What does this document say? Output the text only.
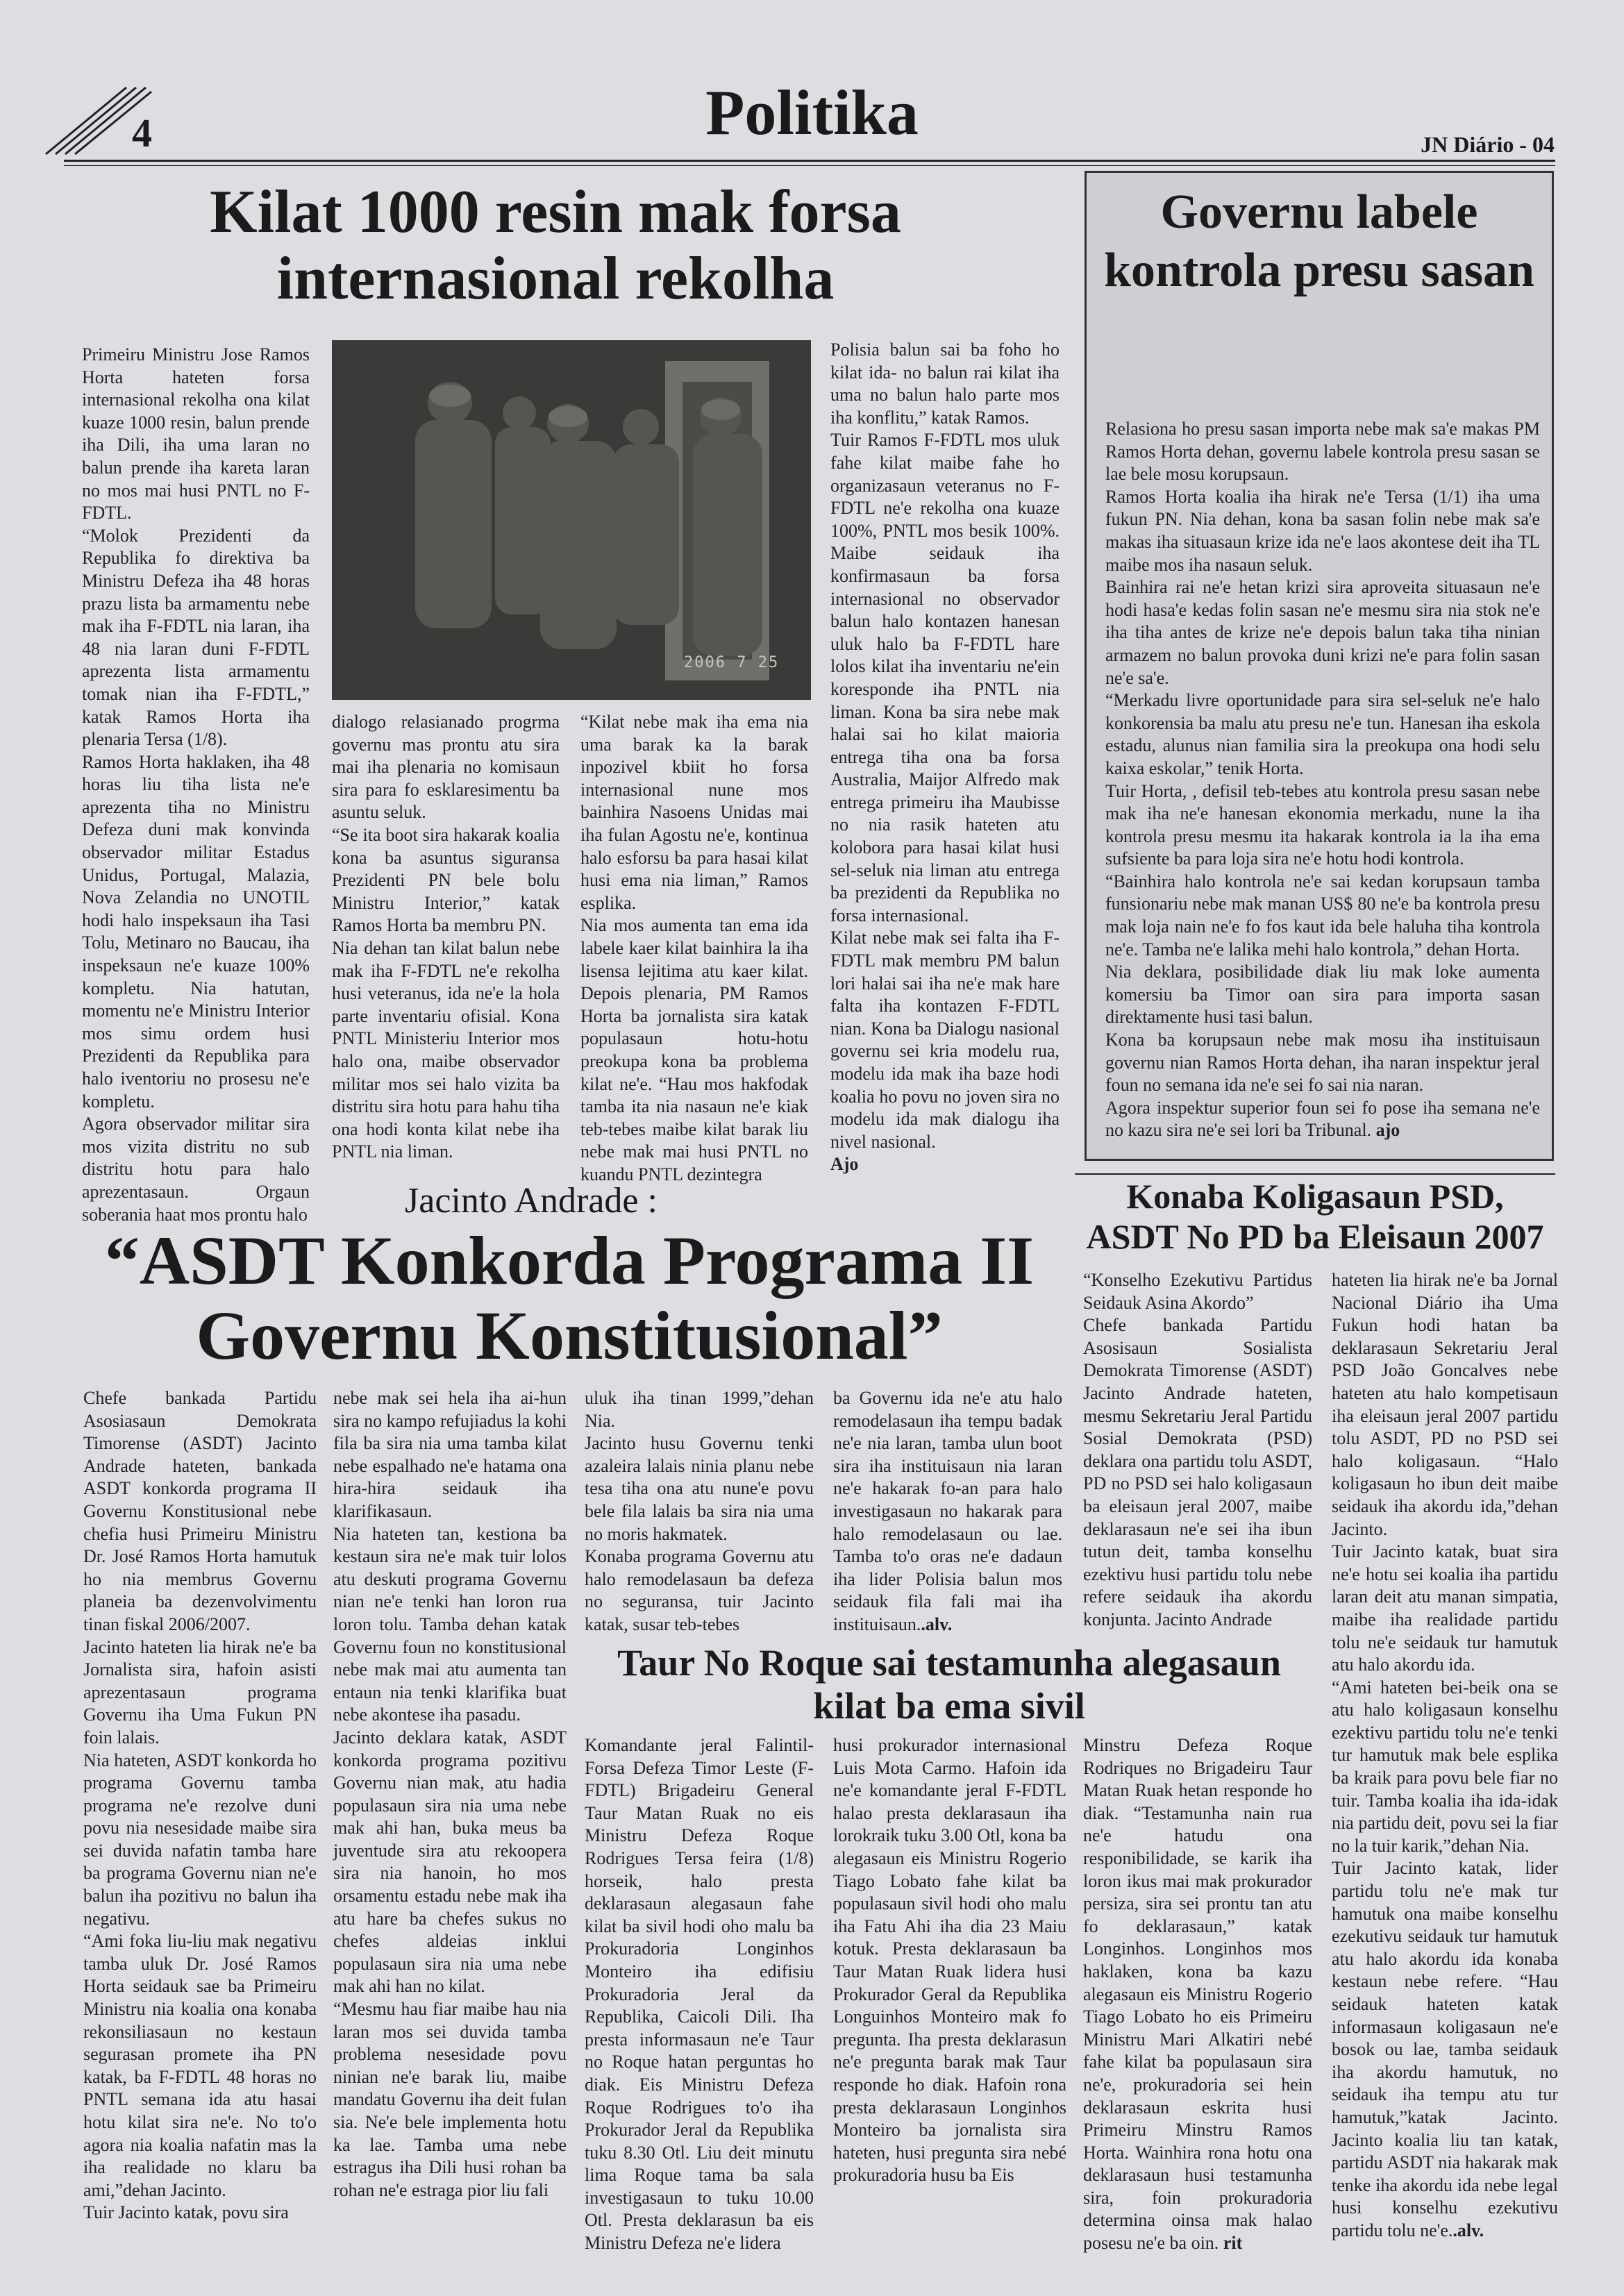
4	Politika	JN Diário - 04
Kilat 1000 resin mak forsa internasional rekolha
2006 7 25

Primeiru Ministru Jose Ramos Horta hateten forsa internasional rekolha ona kilat kuaze 1000 resin, balun prende iha Dili, iha uma laran no balun prende iha kareta laran no mos mai husi PNTL no F-FDTL.

“Molok Prezidenti da Republika fo direktiva ba Ministru Defeza iha 48 horas prazu lista ba armamentu nebe mak iha F-FDTL nia laran, iha 48 nia laran duni F-FDTL aprezenta lista armamentu tomak nian iha F-FDTL,” katak Ramos Horta iha plenaria Tersa (1/8).

Ramos Horta haklaken, iha 48 horas liu tiha lista ne'e aprezenta tiha no Ministru Defeza duni mak konvinda observador militar Estadus Unidus, Portugal, Malazia, Nova Zelandia no UNOTIL hodi halo inspeksaun iha Tasi Tolu, Metinaro no Baucau, iha inspeksaun ne'e kuaze 100% kompletu. Nia hatutan, momentu ne'e Ministru Interior mos simu ordem husi Prezidenti da Republika para halo iventoriu no prosesu ne'e kompletu.

Agora observador militar sira mos vizita distritu no sub distritu hotu para halo aprezentasaun. Orgaun soberania haat mos prontu halo

dialogo relasianado progrma governu mas prontu atu sira mai iha plenaria no komisaun sira para fo esklaresimentu ba asuntu seluk.

“Se ita boot sira hakarak koalia kona ba asuntus siguransa Prezidenti PN bele bolu Ministru Interior,” katak Ramos Horta ba membru PN.

Nia dehan tan kilat balun nebe mak iha F-FDTL ne'e rekolha husi veteranus, ida ne'e la hola parte inventariu ofisial. Kona PNTL Ministeriu Interior mos halo ona, maibe observador militar mos sei halo vizita ba distritu sira hotu para hahu tiha ona hodi konta kilat nebe iha PNTL nia liman.

“Kilat nebe mak iha ema nia uma barak ka la barak inpozivel kbiit ho forsa internasional nune mos bainhira Nasoens Unidas mai iha fulan Agostu ne'e, kontinua halo esforsu ba para hasai kilat husi ema nia liman,” Ramos esplika.

Nia mos aumenta tan ema ida labele kaer kilat bainhira la iha lisensa lejitima atu kaer kilat. Depois plenaria, PM Ramos Horta ba jornalista sira katak populasaun hotu-hotu preokupa kona ba problema kilat ne'e. “Hau mos hakfodak tamba ita nia nasaun ne'e kiak teb-tebes maibe kilat barak liu nebe mak mai husi PNTL no kuandu PNTL dezintegra

Polisia balun sai ba foho ho kilat ida- no balun rai kilat iha uma no balun halo parte mos iha konflitu,” katak Ramos.

Tuir Ramos F-FDTL mos uluk fahe kilat maibe fahe ho organizasaun veteranus no F-FDTL ne'e rekolha ona kuaze 100%, PNTL mos besik 100%. Maibe seidauk iha konfirmasaun ba forsa internasional no observador balun halo kontazen hanesan uluk halo ba F-FDTL hare lolos kilat iha inventariu ne'ein koresponde iha PNTL nia liman. Kona ba sira nebe mak halai sai ho kilat maioria entrega tiha ona ba forsa Australia, Maijor Alfredo mak entrega primeiru iha Maubisse no nia rasik hateten atu kolobora para hasai kilat husi sel-seluk nia liman atu entrega ba prezidenti da Republika no forsa internasional.

Kilat nebe mak sei falta iha F-FDTL mak membru PM balun lori halai sai iha ne'e mak hare falta iha kontazen F-FDTL nian. Kona ba Dialogu nasional governu sei kria modelu rua, modelu ida mak iha baze hodi koalia ho povu no joven sira no modelu ida mak dialogu iha nivel nasional.

Ajo

Governu labele kontrola presu sasan

Relasiona ho presu sasan importa nebe mak sa'e makas PM Ramos Horta dehan, governu labele kontrola presu sasan se lae bele mosu korupsaun.

Ramos Horta koalia iha hirak ne'e Tersa (1/1) iha uma fukun PN. Nia dehan, kona ba sasan folin nebe mak sa'e makas iha situasaun krize ida ne'e laos akontese deit iha TL maibe mos iha nasaun seluk.

Bainhira rai ne'e hetan krizi sira aproveita situasaun ne'e hodi hasa'e kedas folin sasan ne'e mesmu sira nia stok ne'e iha tiha antes de krize ne'e depois balun taka tiha ninian armazem no balun provoka duni krizi ne'e para folin sasan ne'e sa'e.

“Merkadu livre oportunidade para sira sel-seluk ne'e halo konkorensia ba malu atu presu ne'e tun. Hanesan iha eskola estadu, alunus nian familia sira la preokupa ona hodi selu kaixa eskolar,” tenik Horta.

Tuir Horta, , defisil teb-tebes atu kontrola presu sasan nebe mak iha ne'e hanesan ekonomia merkadu, nune la iha kontrola presu mesmu ita hakarak kontrola ia la iha ema sufsiente ba para loja sira ne'e hotu hodi kontrola.

“Bainhira halo kontrola ne'e sai kedan korupsaun tamba funsionariu nebe mak manan US$ 80 ne'e ba kontrola presu mak loja nain ne'e fo fos kaut ida bele haluha tiha kontrola ne'e. Tamba ne'e lalika mehi halo kontrola,” dehan Horta.

Nia deklara, posibilidade diak liu mak loke aumenta komersiu ba Timor oan sira para importa sasan direktamente husi tasi balun.

Kona ba korupsaun nebe mak mosu iha instituisaun governu nian Ramos Horta dehan, iha naran inspektur jeral foun no semana ida ne'e sei fo sai nia naran.

Agora inspektur superior foun sei fo pose iha semana ne'e no kazu sira ne'e sei lori ba Tribunal. ajo

Jacinto Andrade :
“ASDT Konkorda Programa II Governu Konstitusional”

Chefe bankada Partidu Asosiasaun Demokrata Timorense (ASDT) Jacinto Andrade hateten, bankada ASDT konkorda programa II Governu Konstitusional nebe chefia husi Primeiru Ministru Dr. José Ramos Horta hamutuk ho nia membrus Governu planeia ba dezenvolvimentu tinan fiskal 2006/2007.

Jacinto hateten lia hirak ne'e ba Jornalista sira, hafoin asisti aprezentasaun programa Governu iha Uma Fukun PN foin lalais.

Nia hateten, ASDT konkorda ho programa Governu tamba programa ne'e rezolve duni povu nia nesesidade maibe sira sei duvida nafatin tamba hare ba programa Governu nian ne'e balun iha pozitivu no balun iha negativu.

“Ami foka liu-liu mak negativu tamba uluk Dr. José Ramos Horta seidauk sae ba Primeiru Ministru nia koalia ona konaba rekonsiliasaun no kestaun segurasan promete iha PN katak, ba F-FDTL 48 horas no PNTL semana ida atu hasai hotu kilat sira ne'e. No to'o agora nia koalia nafatin mas la iha realidade no klaru ba ami,”dehan Jacinto.

Tuir Jacinto katak, povu sira

nebe mak sei hela iha ai-hun sira no kampo refujiadus la kohi fila ba sira nia uma tamba kilat nebe espalhado ne'e hatama ona hira-hira seidauk iha klarifikasaun.

Nia hateten tan, kestiona ba kestaun sira ne'e mak tuir lolos atu deskuti programa Governu nian ne'e tenki han loron rua loron tolu. Tamba dehan katak Governu foun no konstitusional nebe mak mai atu aumenta tan entaun nia tenki klarifika buat nebe akontese iha pasadu.

Jacinto deklara katak, ASDT konkorda programa pozitivu Governu nian mak, atu hadia populasaun sira nia uma nebe mak ahi han, buka meus ba juventude sira atu rekoopera sira nia hanoin, ho mos orsamentu estadu nebe mak iha atu hare ba chefes sukus no chefes aldeias inklui populasaun sira nia uma nebe mak ahi han no kilat.

“Mesmu hau fiar maibe hau nia laran mos sei duvida tamba problema nesesidade povu ninian ne'e barak liu, maibe mandatu Governu iha deit fulan sia. Ne'e bele implementa hotu ka lae. Tamba uma nebe estragus iha Dili husi rohan ba rohan ne'e estraga pior liu fali

uluk iha tinan 1999,”dehan Nia.

Jacinto husu Governu tenki azaleira lalais ninia planu nebe tesa tiha ona atu nune'e povu bele fila lalais ba sira nia uma no moris hakmatek.

Konaba programa Governu atu halo remodelasaun ba defeza no seguransa, tuir Jacinto katak, susar teb-tebes

ba Governu ida ne'e atu halo remodelasaun iha tempu badak ne'e nia laran, tamba ulun boot sira iha instituisaun nia laran ne'e hakarak fo-an para halo investigasaun no hakarak para halo remodelasaun ou lae. Tamba to'o oras ne'e dadaun iha lider Polisia balun mos seidauk fila fali mai iha instituisaun..alv.

Taur No Roque sai testamunha alegasaun kilat ba ema sivil

Komandante jeral Falintil-Forsa Defeza Timor Leste (F-FDTL) Brigadeiru General Taur Matan Ruak no eis Ministru Defeza Roque Rodrigues Tersa feira (1/8) horseik, halo presta deklarasaun alegasaun fahe kilat ba sivil hodi oho malu ba Prokuradoria Longinhos Monteiro iha edifisiu Prokuradoria Jeral da Republika, Caicoli Dili. Iha presta informasaun ne'e Taur no Roque hatan perguntas ho diak. Eis Ministru Defeza Roque Rodrigues to'o iha Prokurador Jeral da Republika tuku 8.30 Otl. Liu deit minutu lima Roque tama ba sala investigasaun to tuku 10.00 Otl. Presta deklarasun ba eis Ministru Defeza ne'e lidera

husi prokurador internasional Luis Mota Carmo. Hafoin ida ne'e komandante jeral F-FDTL halao presta deklarasaun iha lorokraik tuku 3.00 Otl, kona ba alegasaun eis Ministru Rogerio Tiago Lobato fahe kilat ba populasaun sivil hodi oho malu iha Fatu Ahi iha dia 23 Maiu kotuk. Presta deklarasaun ba Taur Matan Ruak lidera husi Prokurador Geral da Republika Longuinhos Monteiro mak fo pregunta. Iha presta deklarasun ne'e pregunta barak mak Taur responde ho diak. Hafoin rona presta deklarasaun Longinhos Monteiro ba jornalista sira hateten, husi pregunta sira nebé prokuradoria husu ba Eis

Minstru Defeza Roque Rodriques no Brigadeiru Taur Matan Ruak hetan responde ho diak. “Testamunha nain rua ne'e hatudu ona responibilidade, se karik iha loron ikus mai mak prokurador persiza, sira sei prontu tan atu fo deklarasaun,” katak Longinhos. Longinhos mos haklaken, kona ba kazu alegasaun eis Ministru Rogerio Tiago Lobato ho eis Primeiru Ministru Mari Alkatiri nebé fahe kilat ba populasaun sira ne'e, prokuradoria sei hein deklarasaun eskrita husi Primeiru Minstru Ramos Horta. Wainhira rona hotu ona deklarasaun husi testamunha sira, foin prokuradoria determina oinsa mak halao posesu ne'e ba oin. rit

Konaba Koligasaun PSD, ASDT No PD ba Eleisaun 2007

“Konselho Ezekutivu Partidus Seidauk Asina Akordo”

Chefe bankada Partidu Asosisaun Sosialista Demokrata Timorense (ASDT) Jacinto Andrade hateten, mesmu Sekretariu Jeral Partidu Sosial Demokrata (PSD) deklara ona partidu tolu ASDT, PD no PSD sei halo koligasaun ba eleisaun jeral 2007, maibe deklarasaun ne'e sei iha ibun tutun deit, tamba konselhu ezektivu husi partidu tolu nebe refere seidauk iha akordu konjunta. Jacinto Andrade

hateten lia hirak ne'e ba Jornal Nacional Diário iha Uma Fukun hodi hatan ba deklarasaun Sekretariu Jeral PSD João Goncalves nebe hateten atu halo kompetisaun iha eleisaun jeral 2007 partidu tolu ASDT, PD no PSD sei halo koligasaun. “Halo koligasaun ho ibun deit maibe seidauk iha akordu ida,”dehan Jacinto.

Tuir Jacinto katak, buat sira ne'e hotu sei koalia iha partidu laran deit atu manan simpatia, maibe iha realidade partidu tolu ne'e seidauk tur hamutuk atu halo akordu ida.

“Ami hateten bei-beik ona se atu halo koligasaun konselhu ezektivu partidu tolu ne'e tenki tur hamutuk mak bele esplika ba kraik para povu bele fiar no tuir. Tamba koalia iha ida-idak nia partidu deit, povu sei la fiar no la tuir karik,”dehan Nia.

Tuir Jacinto katak, lider partidu tolu ne'e mak tur hamutuk ona maibe konselhu ezekutivu seidauk tur hamutuk atu halo akordu ida konaba kestaun nebe refere. “Hau seidauk hateten katak informasaun koligasaun ne'e bosok ou lae, tamba seidauk iha akordu hamutuk, no seidauk iha tempu atu tur hamutuk,”katak Jacinto. Jacinto koalia liu tan katak, partidu ASDT nia hakarak mak tenke iha akordu ida nebe legal husi konselhu ezekutivu partidu tolu ne'e..alv.
